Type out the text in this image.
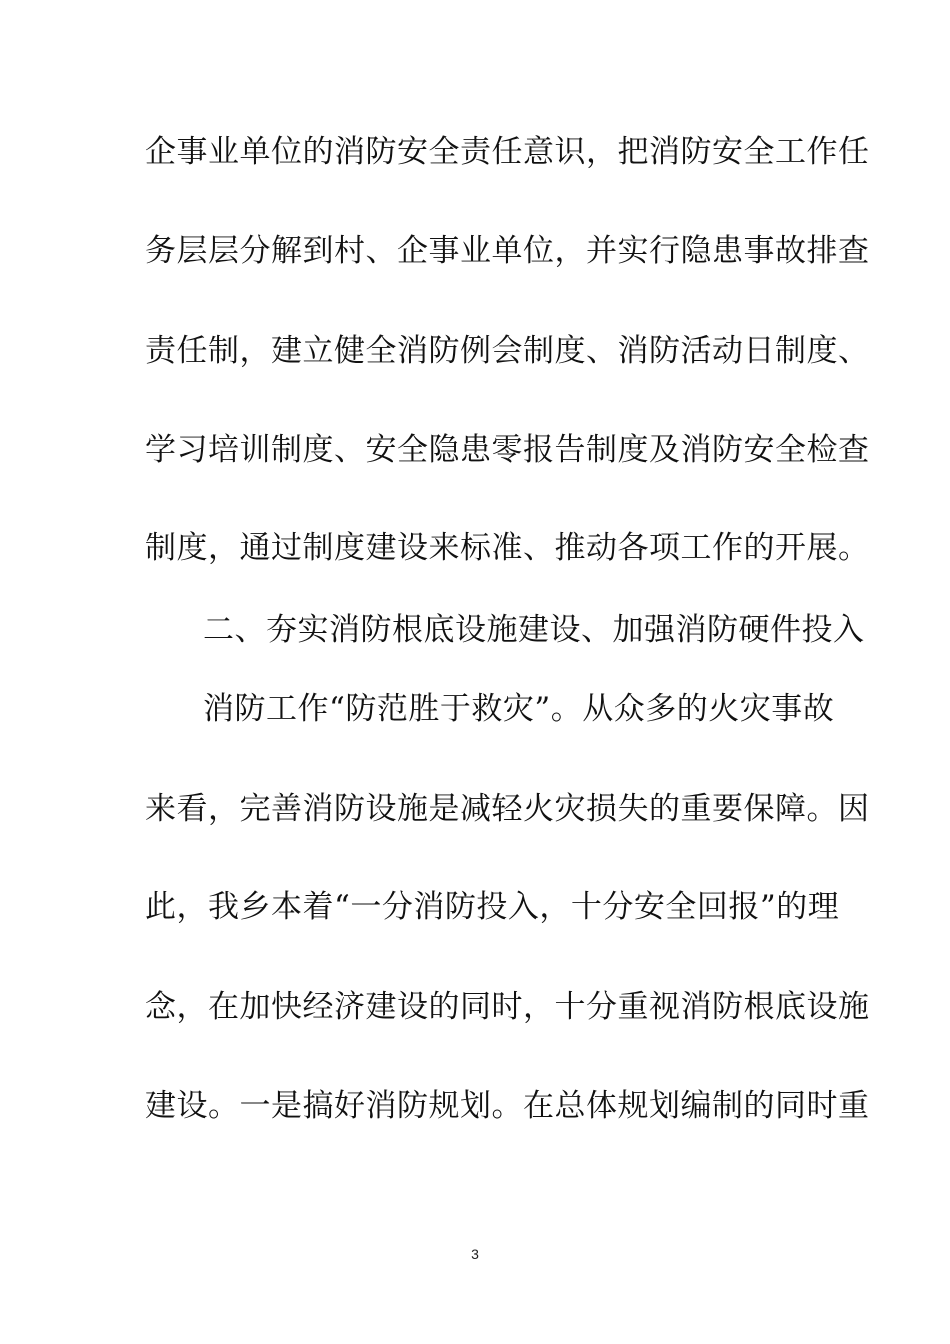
企事业单位的消防安全责任意识，把消防安全工作任
务层层分解到村、企事业单位，并实行隐患事故排查
责任制，建立健全消防例会制度、消防活动日制度、
学习培训制度、安全隐患零报告制度及消防安全检查
制度，通过制度建设来标准、推动各项工作的开展。
二、夯实消防根底设施建设、加强消防硬件投入
消防工作“防范胜于救灾”。从众多的火灾事故
来看，完善消防设施是减轻火灾损失的重要保障。因
此，我乡本着“一分消防投入，十分安全回报”的理
念，在加快经济建设的同时，十分重视消防根底设施
建设。一是搞好消防规划。在总体规划编制的同时重
3
